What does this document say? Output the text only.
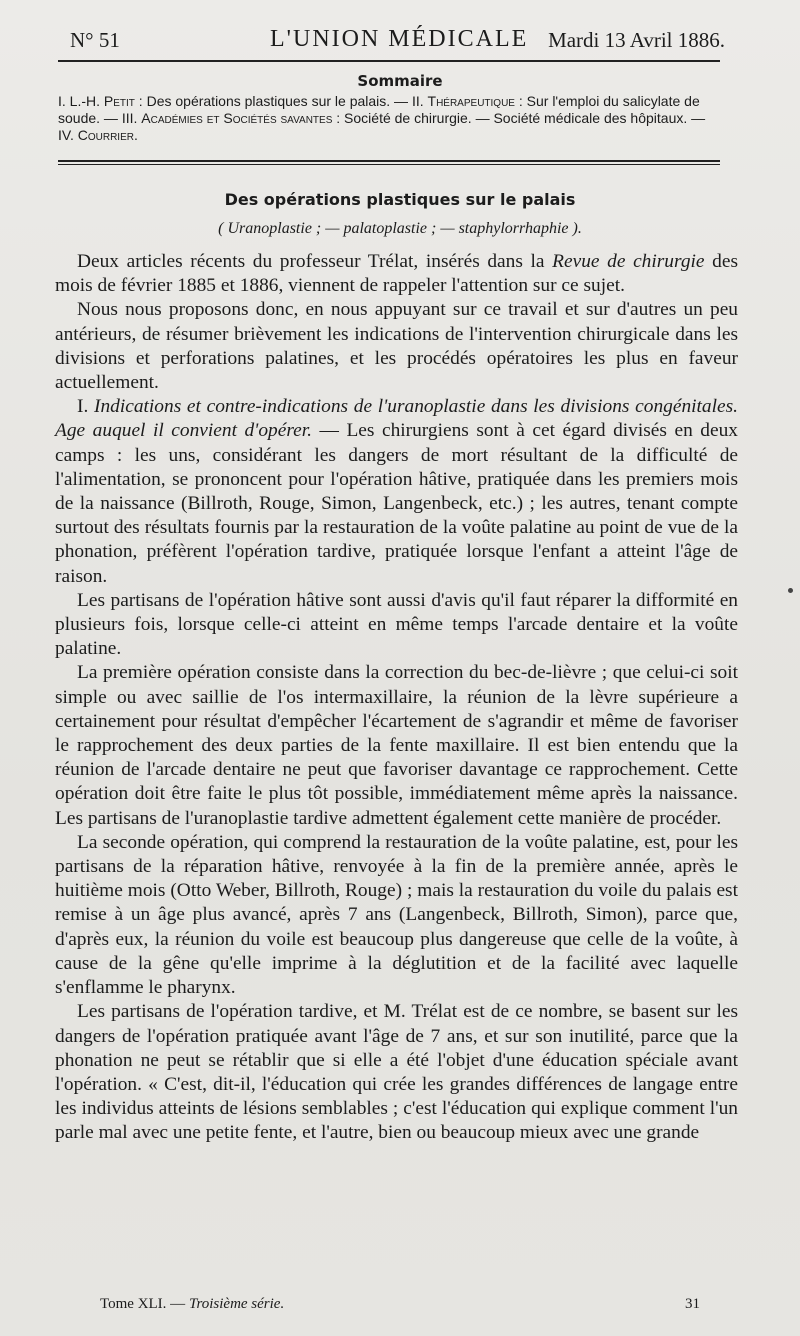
N° 51	L'UNION MÉDICALE Mardi 13 Avril 1886.
Sommaire
I. L.-H. Petit : Des opérations plastiques sur le palais. — II. Thérapeutique : Sur l'emploi du salicylate de soude. — III. Académies et Sociétés savantes : Société de chirurgie. — Société médicale des hôpitaux. — IV. Courrier.
Des opérations plastiques sur le palais
( Uranoplastie ; — palatoplastie ; — staphylorrhaphie ).

Deux articles récents du professeur Trélat, insérés dans la Revue de chirurgie des mois de février 1885 et 1886, viennent de rappeler l'attention sur ce sujet.

Nous nous proposons donc, en nous appuyant sur ce travail et sur d'autres un peu antérieurs, de résumer brièvement les indications de l'intervention chirurgicale dans les divisions et perforations palatines, et les procédés opératoires les plus en faveur actuellement.

I. Indications et contre-indications de l'uranoplastie dans les divisions congénitales. Age auquel il convient d'opérer. — Les chirurgiens sont à cet égard divisés en deux camps : les uns, considérant les dangers de mort résultant de la difficulté de l'alimentation, se prononcent pour l'opération hâtive, pratiquée dans les premiers mois de la naissance (Billroth, Rouge, Simon, Langenbeck, etc.) ; les autres, tenant compte surtout des résultats fournis par la restauration de la voûte palatine au point de vue de la phonation, préfèrent l'opération tardive, pratiquée lorsque l'enfant a atteint l'âge de raison.

Les partisans de l'opération hâtive sont aussi d'avis qu'il faut réparer la difformité en plusieurs fois, lorsque celle-ci atteint en même temps l'arcade dentaire et la voûte palatine.

La première opération consiste dans la correction du bec-de-lièvre ; que celui-ci soit simple ou avec saillie de l'os intermaxillaire, la réunion de la lèvre supérieure a certainement pour résultat d'empêcher l'écartement de s'agrandir et même de favoriser le rapprochement des deux parties de la fente maxillaire. Il est bien entendu que la réunion de l'arcade dentaire ne peut que favoriser davantage ce rapprochement. Cette opération doit être faite le plus tôt possible, immédiatement même après la naissance. Les partisans de l'uranoplastie tardive admettent également cette manière de procéder.

La seconde opération, qui comprend la restauration de la voûte palatine, est, pour les partisans de la réparation hâtive, renvoyée à la fin de la première année, après le huitième mois (Otto Weber, Billroth, Rouge) ; mais la restauration du voile du palais est remise à un âge plus avancé, après 7 ans (Langenbeck, Billroth, Simon), parce que, d'après eux, la réunion du voile est beaucoup plus dangereuse que celle de la voûte, à cause de la gêne qu'elle imprime à la déglutition et de la facilité avec laquelle s'enflamme le pharynx.

Les partisans de l'opération tardive, et M. Trélat est de ce nombre, se basent sur les dangers de l'opération pratiquée avant l'âge de 7 ans, et sur son inutilité, parce que la phonation ne peut se rétablir que si elle a été l'objet d'une éducation spéciale avant l'opération. « C'est, dit-il, l'éducation qui crée les grandes différences de langage entre les individus atteints de lésions semblables ; c'est l'éducation qui explique comment l'un parle mal avec une petite fente, et l'autre, bien ou beaucoup mieux avec une grande

Tome XLI. — Troisième série.	31
